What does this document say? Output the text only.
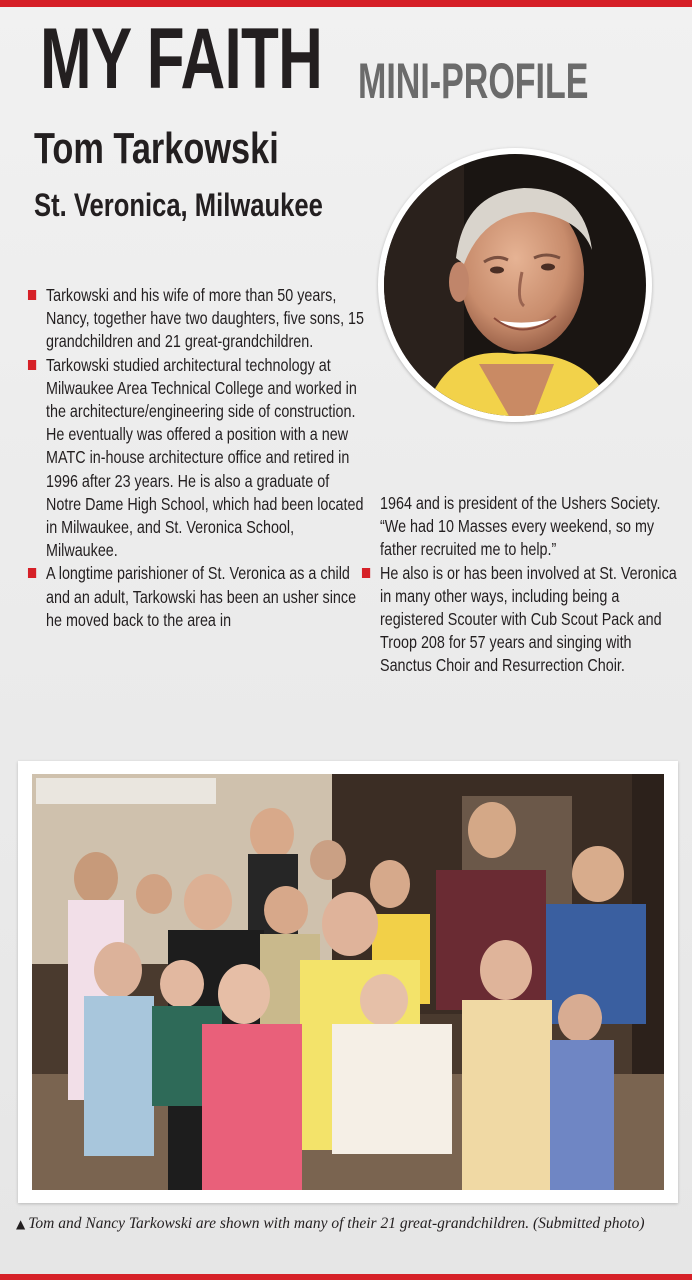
MY FAITH MINI-PROFILE
Tom Tarkowski
St. Veronica, Milwaukee

Tarkowski and his wife of more than 50 years, Nancy, together have two daughters, five sons, 15 grandchildren and 21 great-grandchildren.

Tarkowski studied architectural technology at Milwaukee Area Technical College and worked in the architecture/engineering side of construction. He eventually was offered a position with a new MATC in-house architecture office and retired in 1996 after 23 years. He is also a graduate of Notre Dame High School, which had been located in Milwaukee, and St. Veronica School, Milwaukee.

A longtime parishioner of St. Veronica as a child and an adult, Tarkowski has been an usher since he moved back to the area in

1964 and is president of the Ushers Society. “We had 10 Masses every weekend, so my father recruited me to help.”

He also is or has been involved at St. Veronica in many other ways, including being a registered Scouter with Cub Scout Pack and Troop 208 for 57 years and singing with Sanctus Choir and Resurrection Choir.

▲ Tom and Nancy Tarkowski are shown with many of their 21 great-grandchildren. (Submitted photo)
